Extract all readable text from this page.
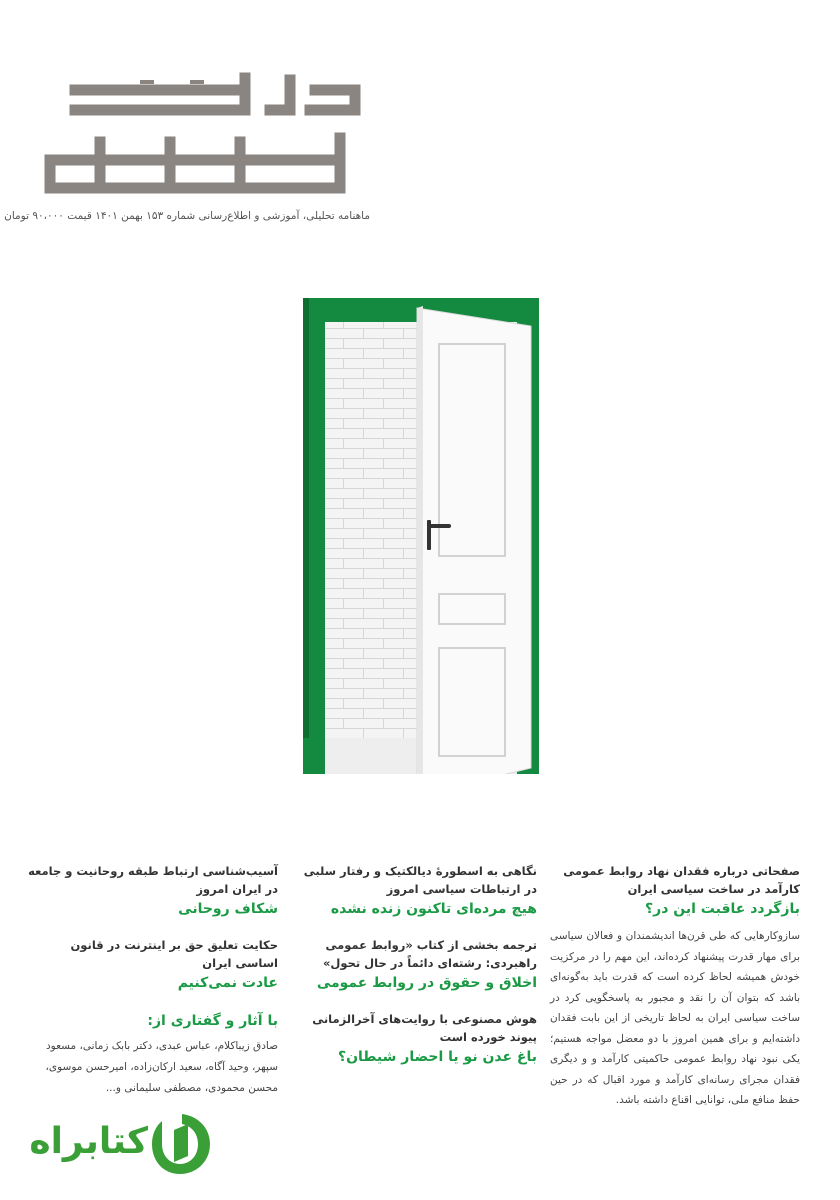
ماهنامه تحلیلی، آموزشی و اطلاع‌رسانی شماره ۱۵۳ بهمن ۱۴۰۱ قیمت ۹۰،۰۰۰ تومان

صفحاتی درباره فقدان نهاد روابط عمومی کارآمد در ساخت سیاسی ایران

بازگردد عاقبت این در؟

سازوکارهایی که طی قرن‌ها اندیشمندان و فعالان سیاسی برای مهار قدرت پیشنهاد کرده‌اند، این مهم را در مرکزیت خودش همیشه لحاظ کرده است که قدرت باید به‌گونه‌ای باشد که بتوان آن را نقد و مجبور به پاسخگویی کرد در ساخت سیاسی ایران به لحاظ تاریخی از این بابت فقدان داشته‌ایم و برای همین امروز با دو معضل مواجه هستیم؛ یکی نبود نهاد روابط عمومی حاکمیتی کارآمد و و دیگری فقدان مجرای رسانه‌ای کارآمد و مورد اقبال که در حین حفظ منافع ملی، توانایی اقناع داشته باشد.

نگاهی به اسطورۀ دیالکتیک و رفتار سلبی در ارتباطات سیاسی امروز

هیچ مرده‌ای تاکنون زنده نشده

ترجمه بخشی از کتاب «روابط عمومی راهبردی: رشته‌ای دائماً در حال تحول»

اخلاق و حقوق در روابط عمومی

هوش مصنوعی با روایت‌های آخرالزمانی پیوند خورده است

باغ عدن نو یا احضار شیطان؟

آسیب‌شناسی ارتباط طبقه روحانیت و جامعه در ایران امروز

شکاف روحانی

حکایت تعلیق حق بر اینترنت در قانون اساسی ایران

عادت نمی‌کنیم

با آثار و گفتاری از:

صادق زیباکلام، عباس عبدی، دکتر بابک زمانی، مسعود سپهر، وحید آگاه، سعید ارکان‌زاده، امیرحسن موسوی، محسن محمودی، مصطفی سلیمانی و...

کتابراه
